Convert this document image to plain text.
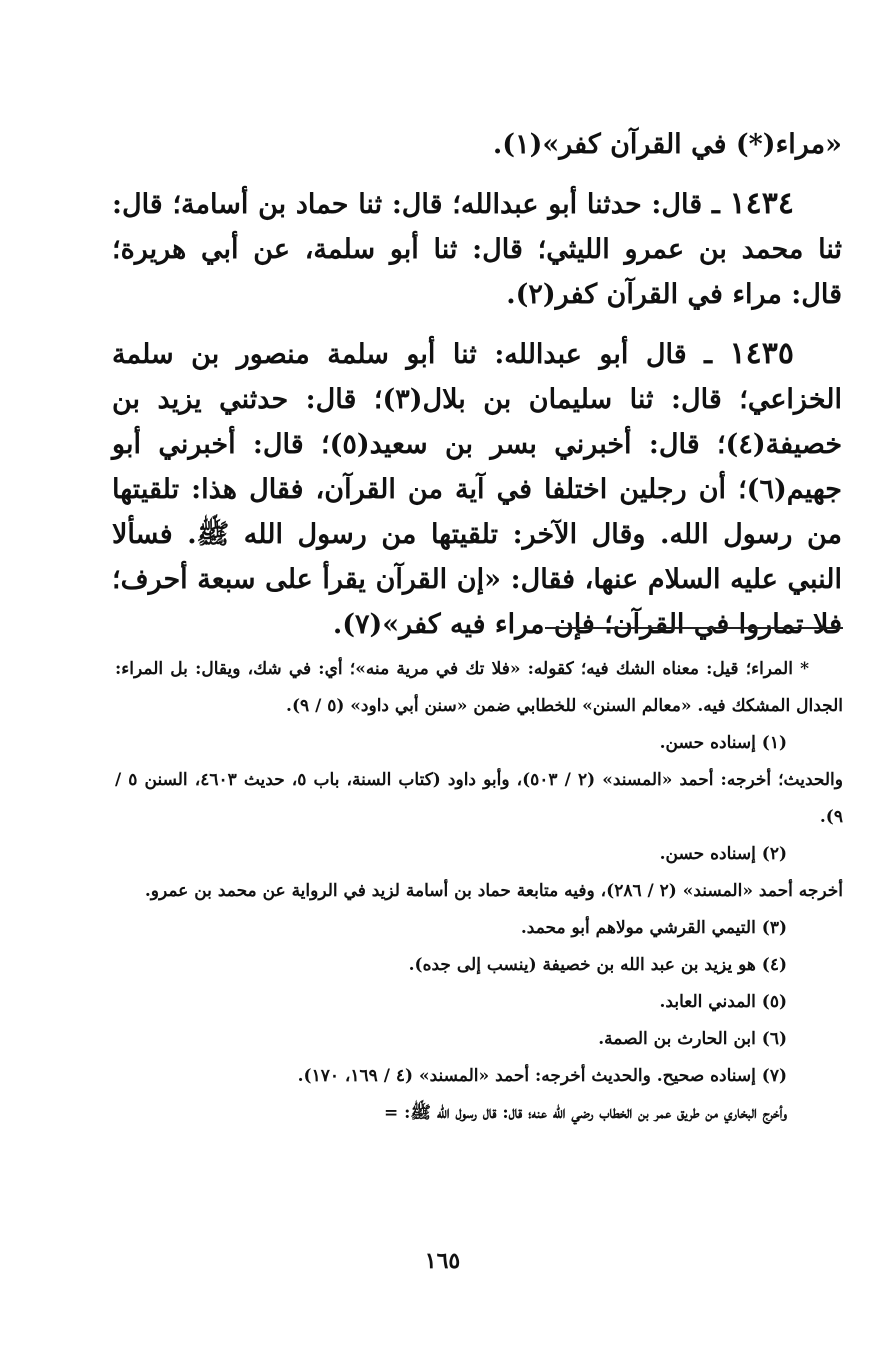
«مراء(*) في القرآن كفر»(١).

١٤٣٤ ـ قال: حدثنا أبو عبدالله؛ قال: ثنا حماد بن أسامة؛ قال: ثنا محمد بن عمرو الليثي؛ قال: ثنا أبو سلمة، عن أبي هريرة؛ قال: مراء في القرآن كفر(٢).

١٤٣٥ ـ قال أبو عبدالله: ثنا أبو سلمة منصور بن سلمة الخزاعي؛ قال: ثنا سليمان بن بلال(٣)؛ قال: حدثني يزيد بن خصيفة(٤)؛ قال: أخبرني بسر بن سعيد(٥)؛ قال: أخبرني أبو جهيم(٦)؛ أن رجلين اختلفا في آية من القرآن، فقال هذا: تلقيتها من رسول الله. وقال الآخر: تلقيتها من رسول الله ﷺ. فسألا النبي عليه السلام عنها، فقال: «إن القرآن يقرأ على سبعة أحرف؛ فلا تماروا في القرآن؛ فإن مراء فيه كفر»(٧).

* المراء؛ قيل: معناه الشك فيه؛ كقوله: «فلا تك في مرية منه»؛ أي: في شك، ويقال: بل المراء: الجدال المشكك فيه. «معالم السنن» للخطابي ضمن «سنن أبي داود» (٥ / ٩).

(١) إسناده حسن.

والحديث؛ أخرجه: أحمد «المسند» (٢ / ٥٠٣)، وأبو داود (كتاب السنة، باب ٥، حديث ٤٦٠٣، السنن ٥ / ٩).

(٢) إسناده حسن.

أخرجه أحمد «المسند» (٢ / ٢٨٦)، وفيه متابعة حماد بن أسامة لزيد في الرواية عن محمد بن عمرو.

(٣) التيمي القرشي مولاهم أبو محمد.

(٤) هو يزيد بن عبد الله بن خصيفة (ينسب إلى جده).

(٥) المدني العابد.

(٦) ابن الحارث بن الصمة.

(٧) إسناده صحيح. والحديث أخرجه: أحمد «المسند» (٤ / ١٦٩، ١٧٠).

وأخرج البخاري من طريق عمر بن الخطاب رضي الله عنه؛ قال: قال رسول الله ﷺ: =

١٦٥
